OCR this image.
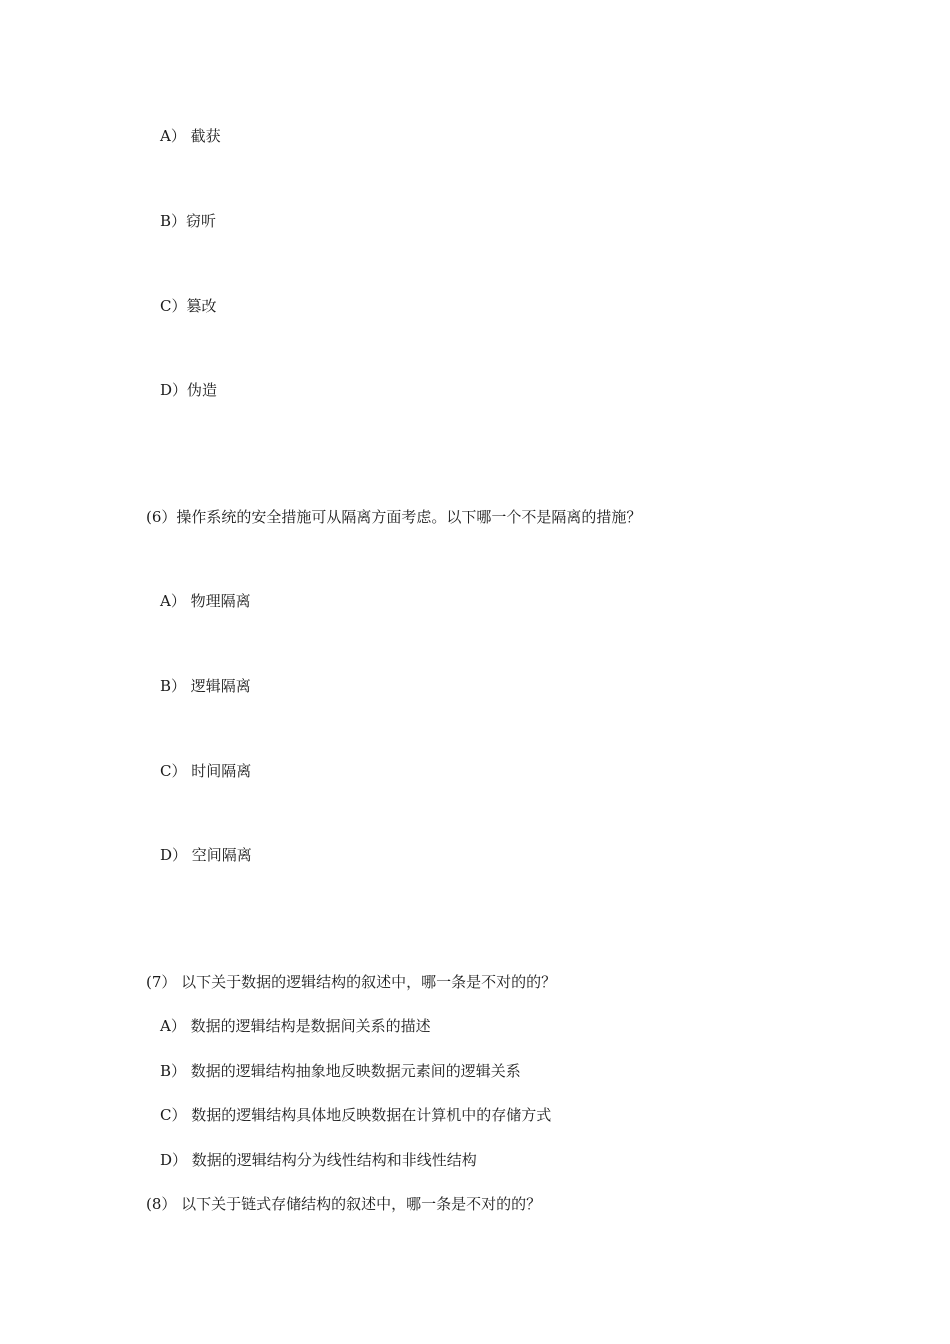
A） 截获
B）窃听
C）篡改
D）伪造
(6）操作系统的安全措施可从隔离方面考虑。以下哪一个不是隔离的措施？
A） 物理隔离
B） 逻辑隔离
C） 时间隔离
D） 空间隔离
(7） 以下关于数据的逻辑结构的叙述中，哪一条是不对的的？
A） 数据的逻辑结构是数据间关系的描述
B） 数据的逻辑结构抽象地反映数据元素间的逻辑关系
C） 数据的逻辑结构具体地反映数据在计算机中的存储方式
D） 数据的逻辑结构分为线性结构和非线性结构
(8） 以下关于链式存储结构的叙述中，哪一条是不对的的？
